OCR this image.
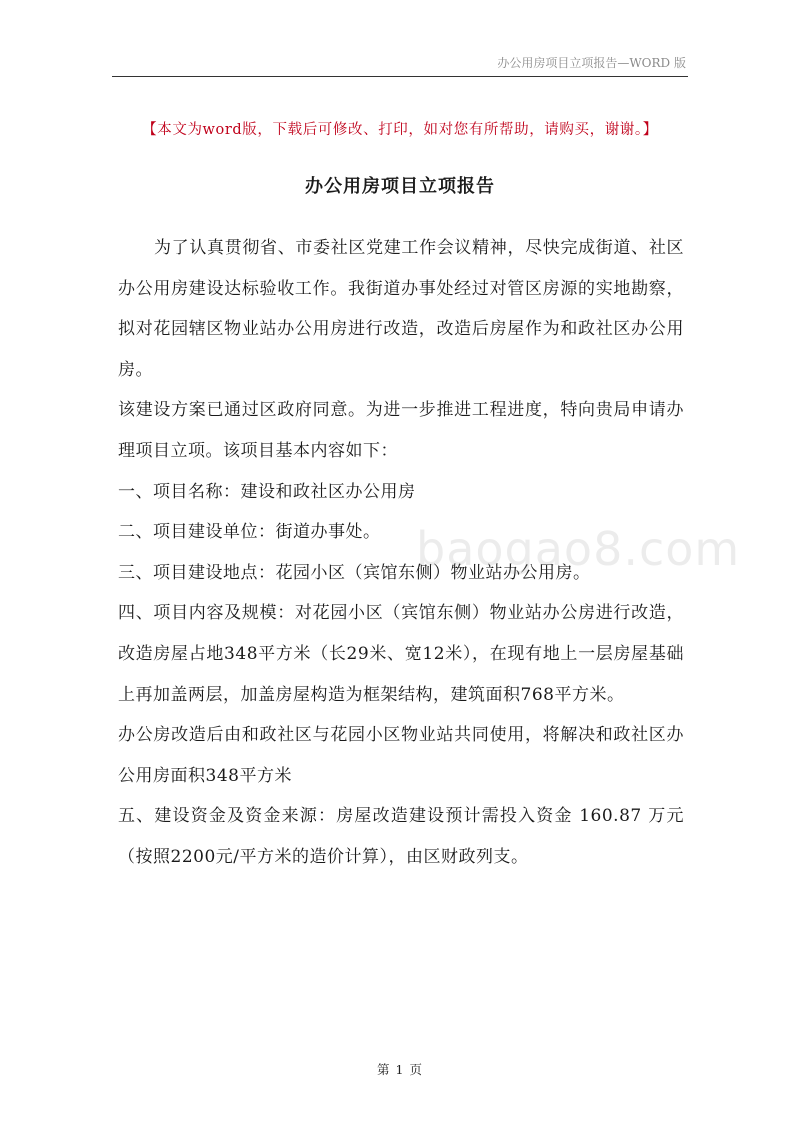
办公用房项目立项报告—WORD 版
【本文为word版，下载后可修改、打印，如对您有所帮助，请购买，谢谢。】
办公用房项目立项报告

为了认真贯彻省、市委社区党建工作会议精神，尽快完成街道、社区办公用房建设达标验收工作。我街道办事处经过对管区房源的实地勘察，拟对花园辖区物业站办公用房进行改造，改造后房屋作为和政社区办公用房。

该建设方案已通过区政府同意。为进一步推进工程进度，特向贵局申请办理项目立项。该项目基本内容如下：

一、项目名称：建设和政社区办公用房

二、项目建设单位：街道办事处。

三、项目建设地点：花园小区（宾馆东侧）物业站办公用房。

四、项目内容及规模：对花园小区（宾馆东侧）物业站办公房进行改造，改造房屋占地348平方米（长29米、宽12米），在现有地上一层房屋基础上再加盖两层，加盖房屋构造为框架结构，建筑面积768平方米。

办公房改造后由和政社区与花园小区物业站共同使用，将解决和政社区办公用房面积348平方米

五、建设资金及资金来源：房屋改造建设预计需投入资金 160.87 万元（按照2200元/平方米的造价计算），由区财政列支。

baogao8.com
第 1 页
